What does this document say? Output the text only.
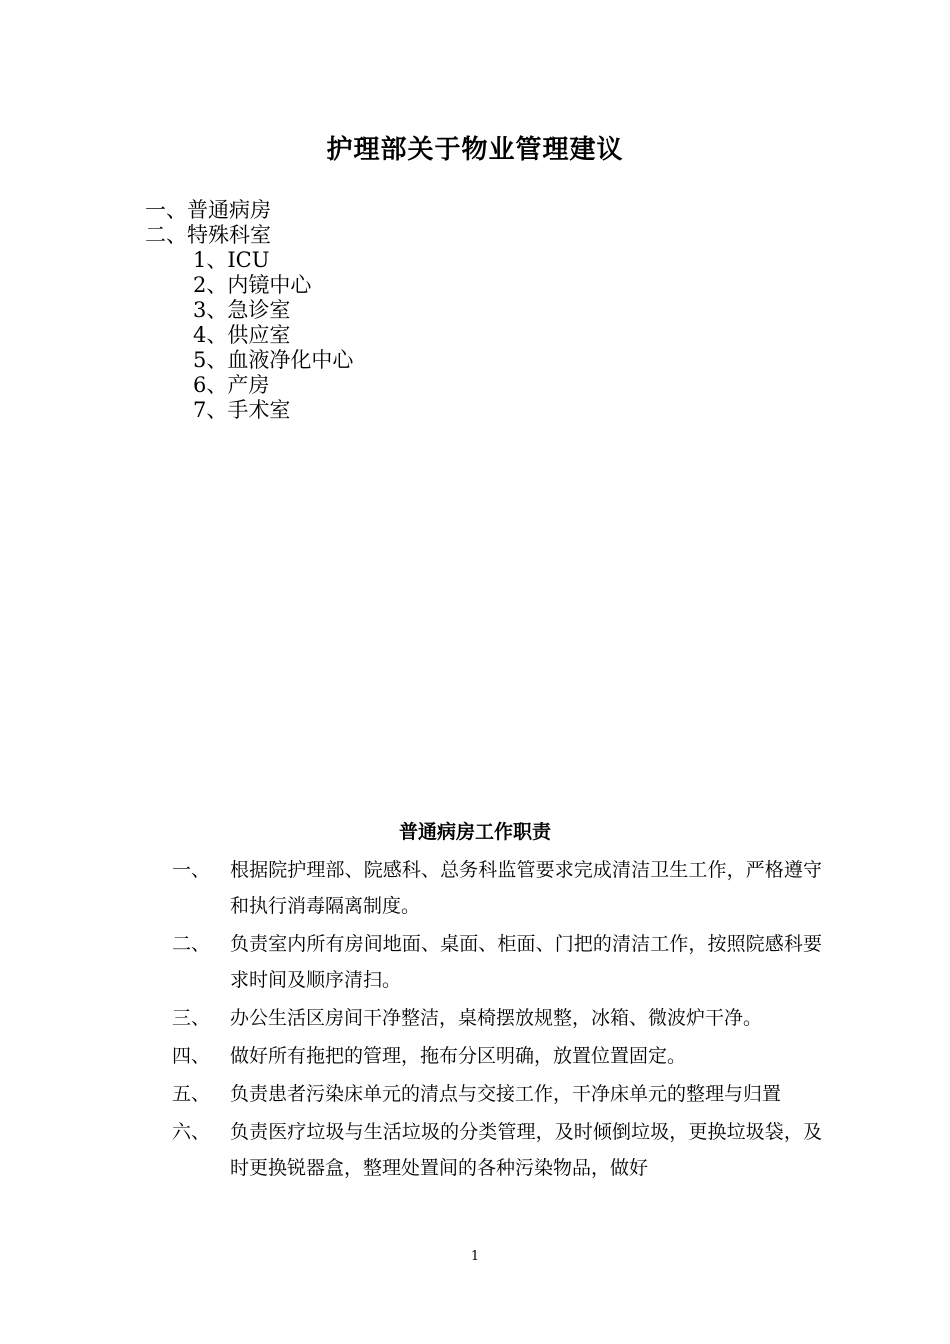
护理部关于物业管理建议
一、普通病房
二、特殊科室
1、ICU
2、内镜中心
3、急诊室
4、供应室
5、血液净化中心
6、产房
7、手术室
普通病房工作职责
一、	根据院护理部、院感科、总务科监管要求完成清洁卫生工作，严格遵守和执行消毒隔离制度。
二、	负责室内所有房间地面、桌面、柜面、门把的清洁工作，按照院感科要求时间及顺序清扫。
三、	办公生活区房间干净整洁，桌椅摆放规整，冰箱、微波炉干净。
四、	做好所有拖把的管理，拖布分区明确，放置位置固定。
五、	负责患者污染床单元的清点与交接工作，干净床单元的整理与归置
六、	负责医疗垃圾与生活垃圾的分类管理，及时倾倒垃圾，更换垃圾袋，及时更换锐器盒，整理处置间的各种污染物品，做好
1
